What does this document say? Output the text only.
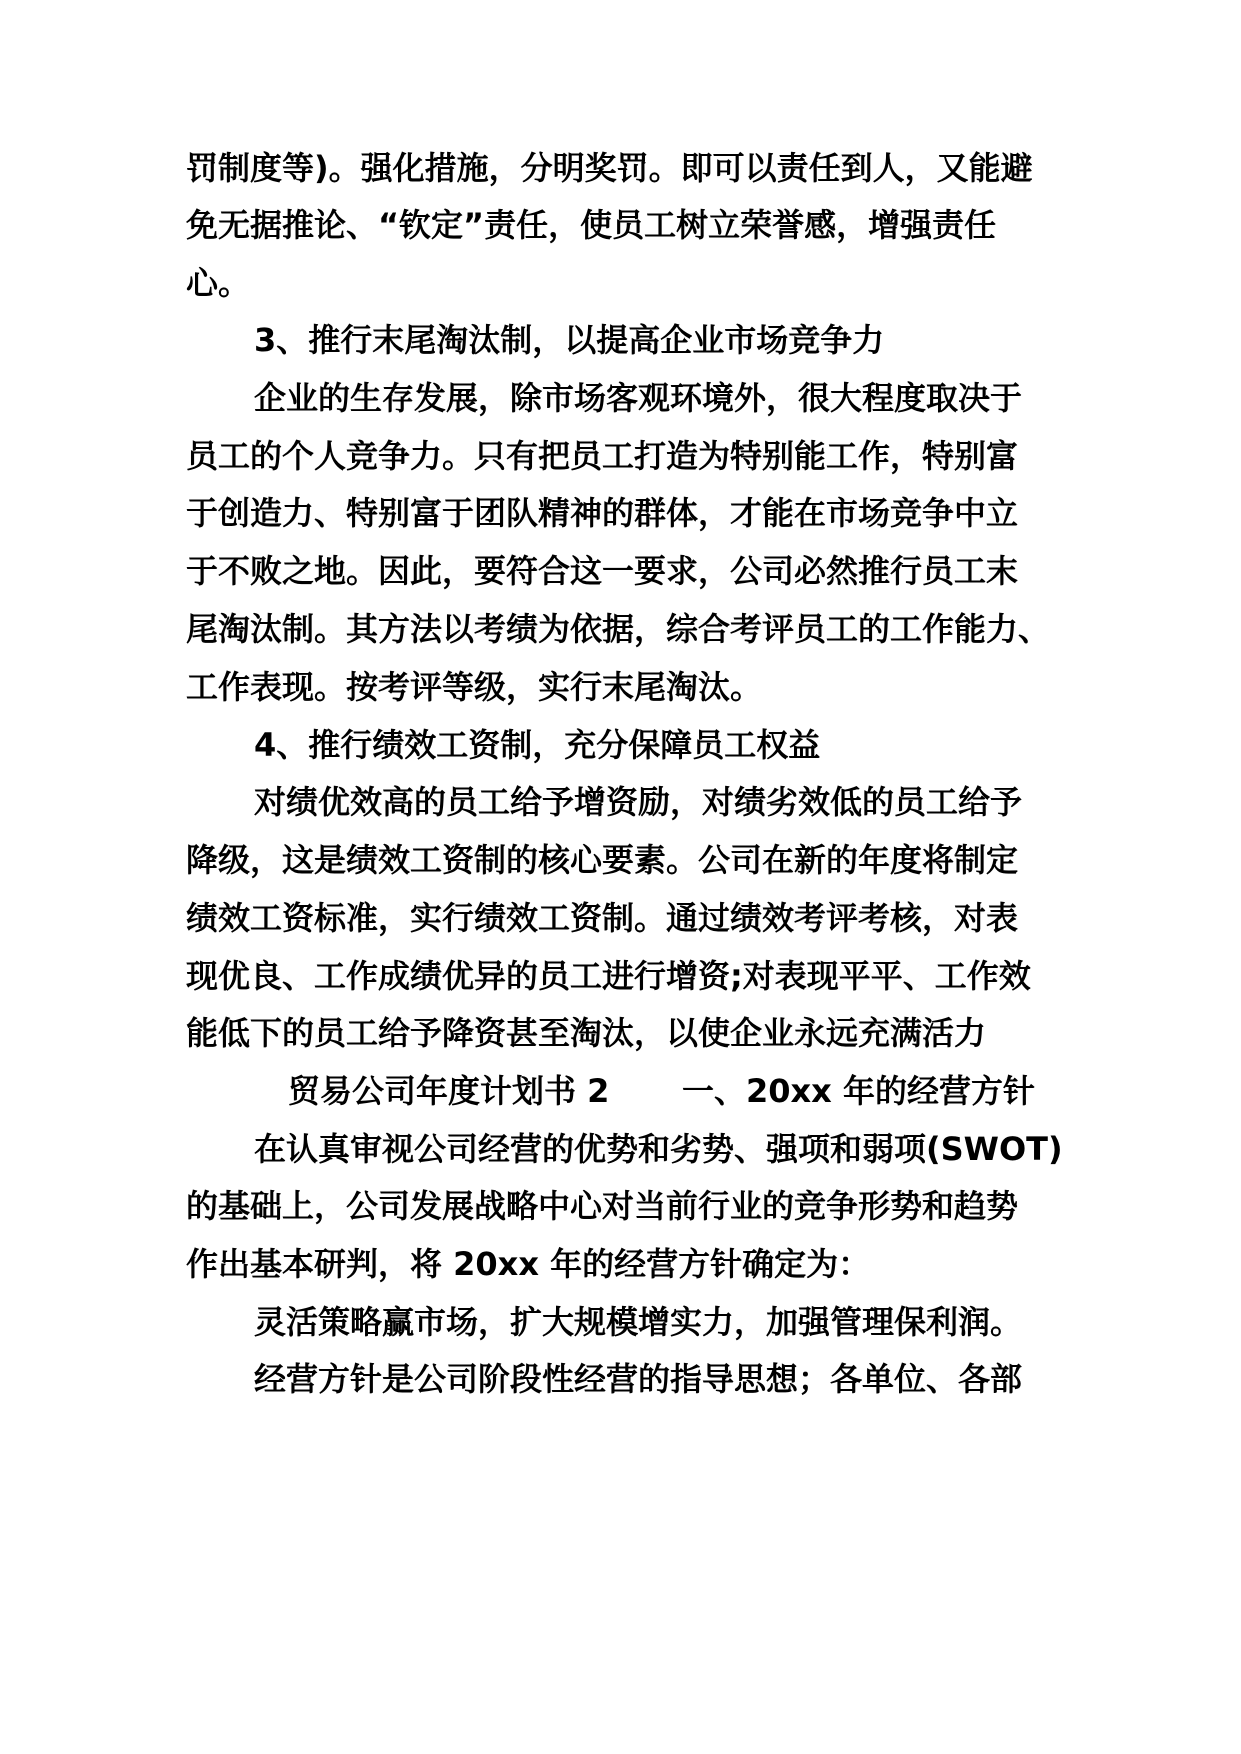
罚制度等)。强化措施，分明奖罚。即可以责任到人，又能避
免无据推论、“钦定”责任，使员工树立荣誉感，增强责任
心。
3、推行末尾淘汰制，以提高企业市场竞争力
企业的生存发展，除市场客观环境外，很大程度取决于
员工的个人竞争力。只有把员工打造为特别能工作，特别富
于创造力、特别富于团队精神的群体，才能在市场竞争中立
于不败之地。因此，要符合这一要求，公司必然推行员工末
尾淘汰制。其方法以考绩为依据，综合考评员工的工作能力、
工作表现。按考评等级，实行末尾淘汰。
4、推行绩效工资制，充分保障员工权益
对绩优效高的员工给予增资励，对绩劣效低的员工给予
降级，这是绩效工资制的核心要素。公司在新的年度将制定
绩效工资标准，实行绩效工资制。通过绩效考评考核，对表
现优良、工作成绩优异的员工进行增资;对表现平平、工作效
能低下的员工给予降资甚至淘汰，以使企业永远充满活力
贸易公司年度计划书 2	一、20xx 年的经营方针
在认真审视公司经营的优势和劣势、强项和弱项(SWOT)
的基础上，公司发展战略中心对当前行业的竞争形势和趋势
作出基本研判，将 20xx 年的经营方针确定为：
灵活策略赢市场，扩大规模增实力，加强管理保利润。
经营方针是公司阶段性经营的指导思想；各单位、各部
